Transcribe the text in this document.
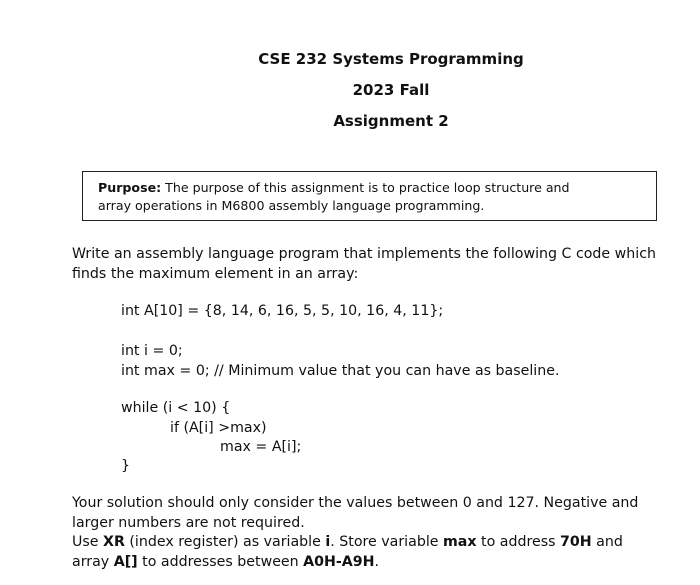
CSE 232 Systems Programming
2023 Fall
Assignment 2
Purpose: The purpose of this assignment is to practice loop structure and
array operations in M6800 assembly language programming.
Write an assembly language program that implements the following C code which
finds the maximum element in an array:
int A[10] = {8, 14, 6, 16, 5, 5, 10, 16, 4, 11};
int i = 0;
int max = 0; // Minimum value that you can have as baseline.
while (i < 10) {
if (A[i] >max)
max = A[i];
}
Your solution should only consider the values between 0 and 127. Negative and
larger numbers are not required.
Use XR (index register) as variable i. Store variable max to address 70H and
array A[] to addresses between A0H-A9H.
